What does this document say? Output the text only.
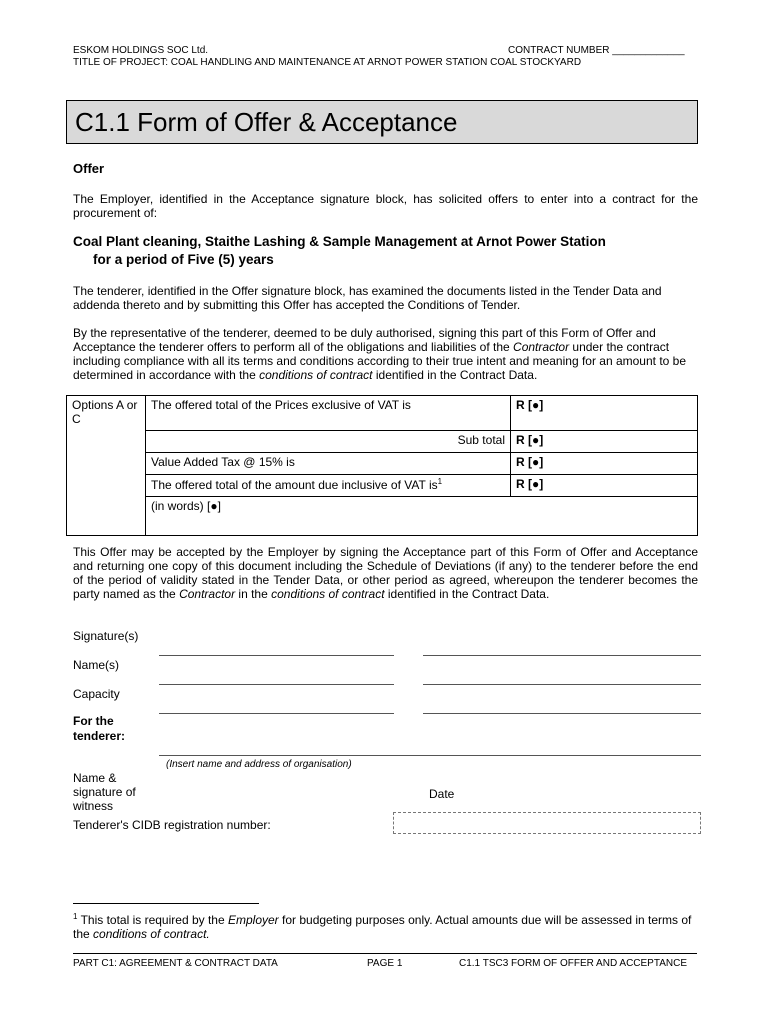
ESKOM HOLDINGS SOC Ltd.	CONTRACT NUMBER _____________
TITLE OF PROJECT: COAL HANDLING AND MAINTENANCE AT ARNOT POWER STATION COAL STOCKYARD
C1.1 Form of Offer & Acceptance
Offer
The Employer, identified in the Acceptance signature block, has solicited offers to enter into a contract for the procurement of:
Coal Plant cleaning, Staithe Lashing & Sample Management at Arnot Power Station
for a period of Five (5) years
The tenderer, identified in the Offer signature block, has examined the documents listed in the Tender Data and addenda thereto and by submitting this Offer has accepted the Conditions of Tender.
By the representative of the tenderer, deemed to be duly authorised, signing this part of this Form of Offer and Acceptance the tenderer offers to perform all of the obligations and liabilities of the Contractor under the contract including compliance with all its terms and conditions according to their true intent and meaning for an amount to be determined in accordance with the conditions of contract identified in the Contract Data.
Options A or C	The offered total of the Prices exclusive of VAT is	R [●]
	Sub total	R [●]
	Value Added Tax @ 15% is	R [●]
	The offered total of the amount due inclusive of VAT $is^1$	R [●]
	(in words) [●]	
This Offer may be accepted by the Employer by signing the Acceptance part of this Form of Offer and Acceptance and returning one copy of this document including the Schedule of Deviations (if any) to the tenderer before the end of the period of validity stated in the Tender Data, or other period as agreed, whereupon the tenderer becomes the party named as the Contractor in the conditions of contract identified in the Contract Data.
Signature(s)
Name(s)
Capacity
For the tenderer:
(Insert name and address of organisation)
Name & signature of witness
Date
Tenderer's CIDB registration number:
$^1$ This total is required by the Employer for budgeting purposes only. Actual amounts due will be assessed in terms of the conditions of contract.
PART C1: AGREEMENT & CONTRACT DATA	PAGE 1	C1.1 TSC3 FORM OF OFFER AND ACCEPTANCE
